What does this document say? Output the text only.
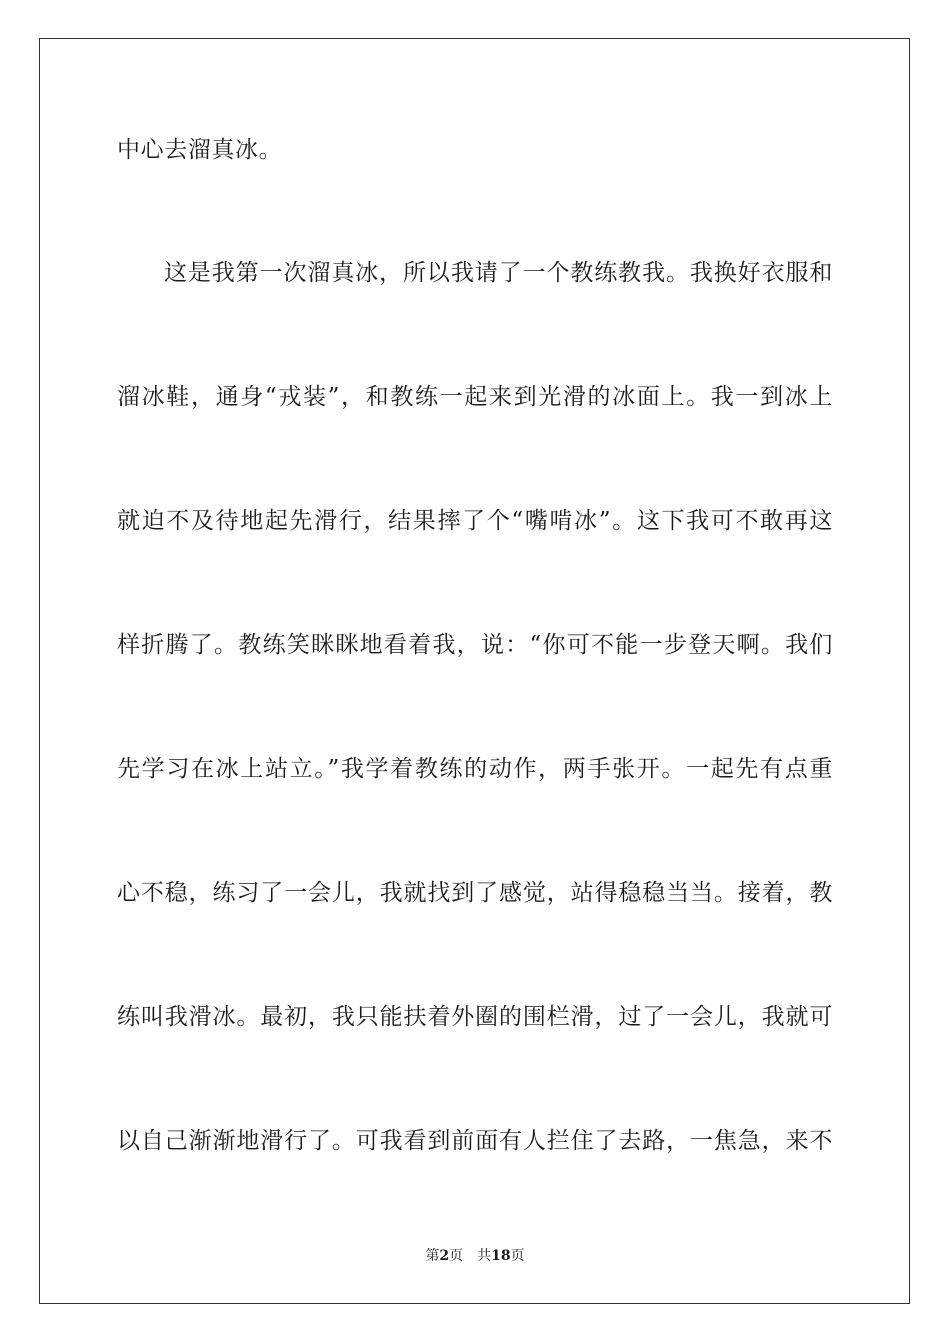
中心去溜真冰。
这是我第一次溜真冰，所以我请了一个教练教我。我换好衣服和
溜冰鞋，通身“戎装”，和教练一起来到光滑的冰面上。我一到冰上
就迫不及待地起先滑行，结果摔了个“嘴啃冰”。这下我可不敢再这
样折腾了。教练笑眯眯地看着我，说：“你可不能一步登天啊。我们
先学习在冰上站立。”我学着教练的动作，两手张开。一起先有点重
心不稳，练习了一会儿，我就找到了感觉，站得稳稳当当。接着，教
练叫我滑冰。最初，我只能扶着外圈的围栏滑，过了一会儿，我就可
以自己渐渐地滑行了。可我看到前面有人拦住了去路，一焦急，来不
第2页 共18页
